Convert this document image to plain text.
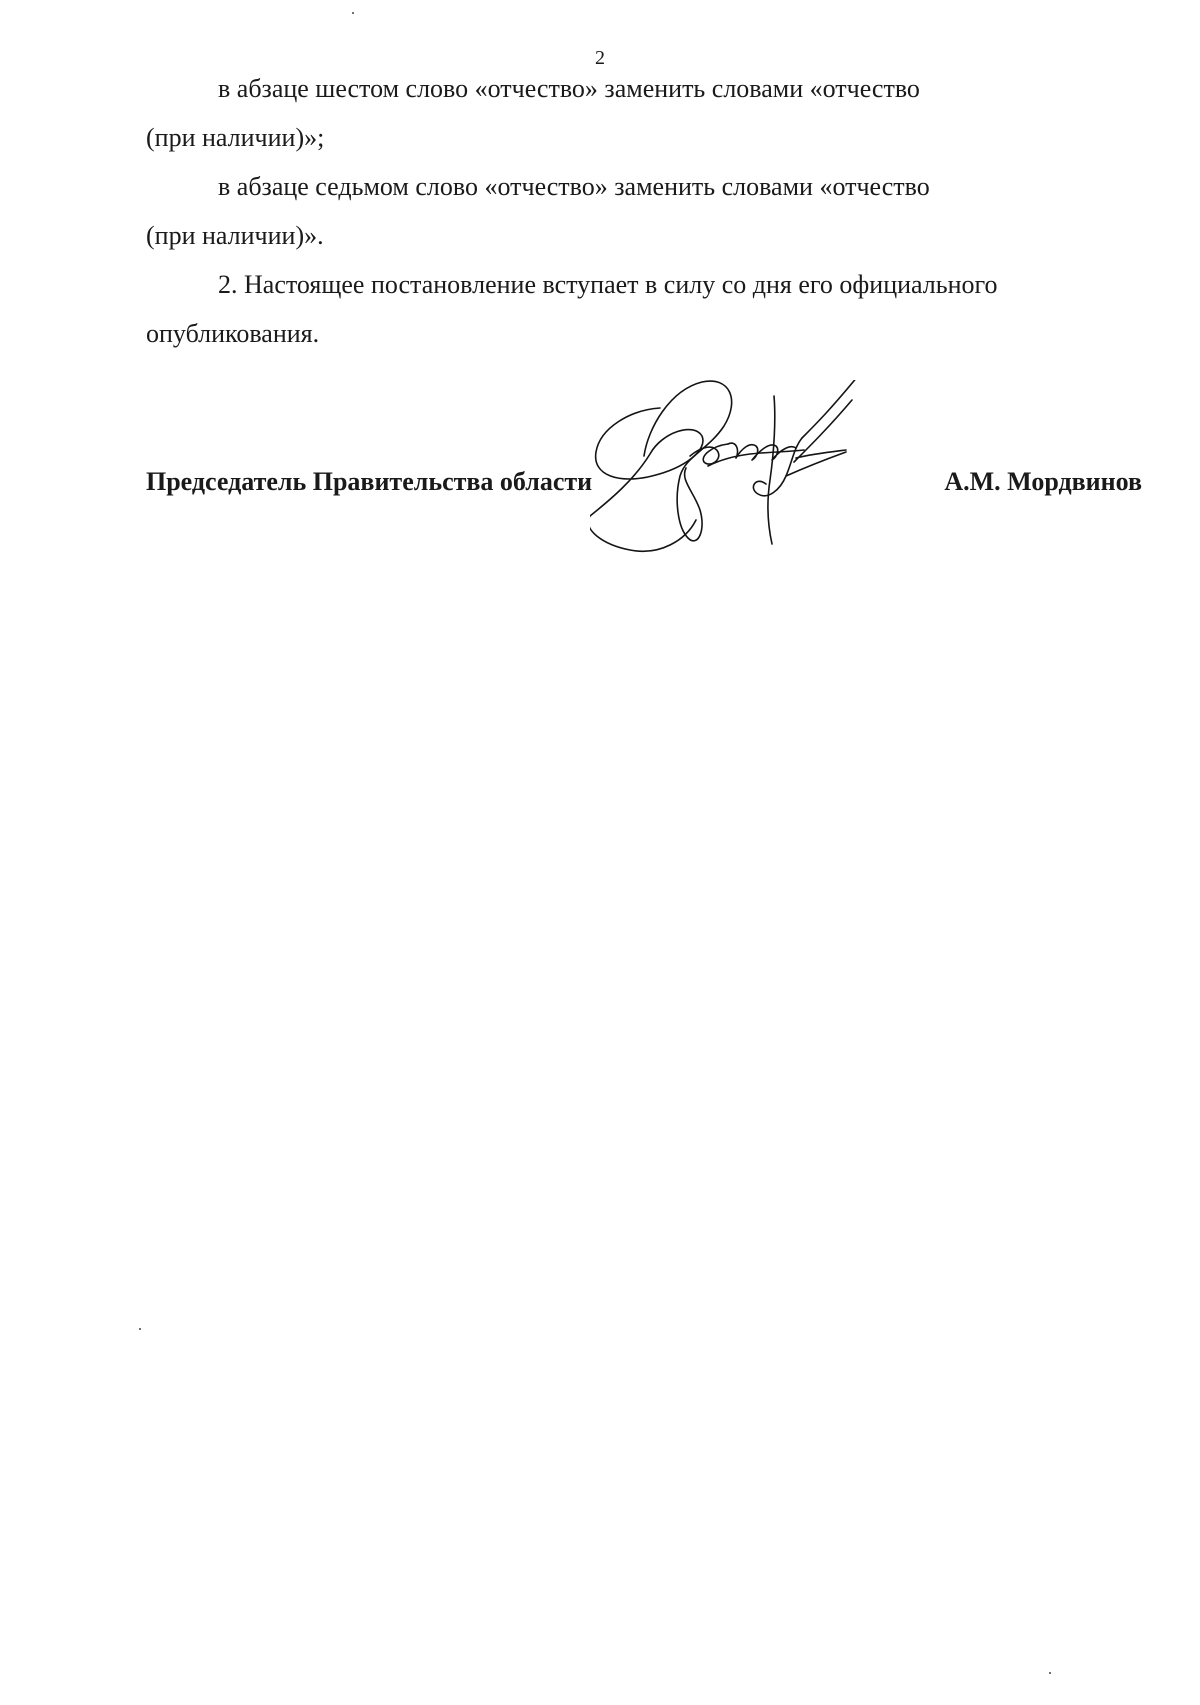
2

в абзаце шестом слово «отчество» заменить словами «отчество

(при наличии)»;

в абзаце седьмом слово «отчество» заменить словами «отчество

(при наличии)».

2. Настоящее постановление вступает в силу со дня его официального

опубликования.

Председатель Правительства области	А.М. Мордвинов
